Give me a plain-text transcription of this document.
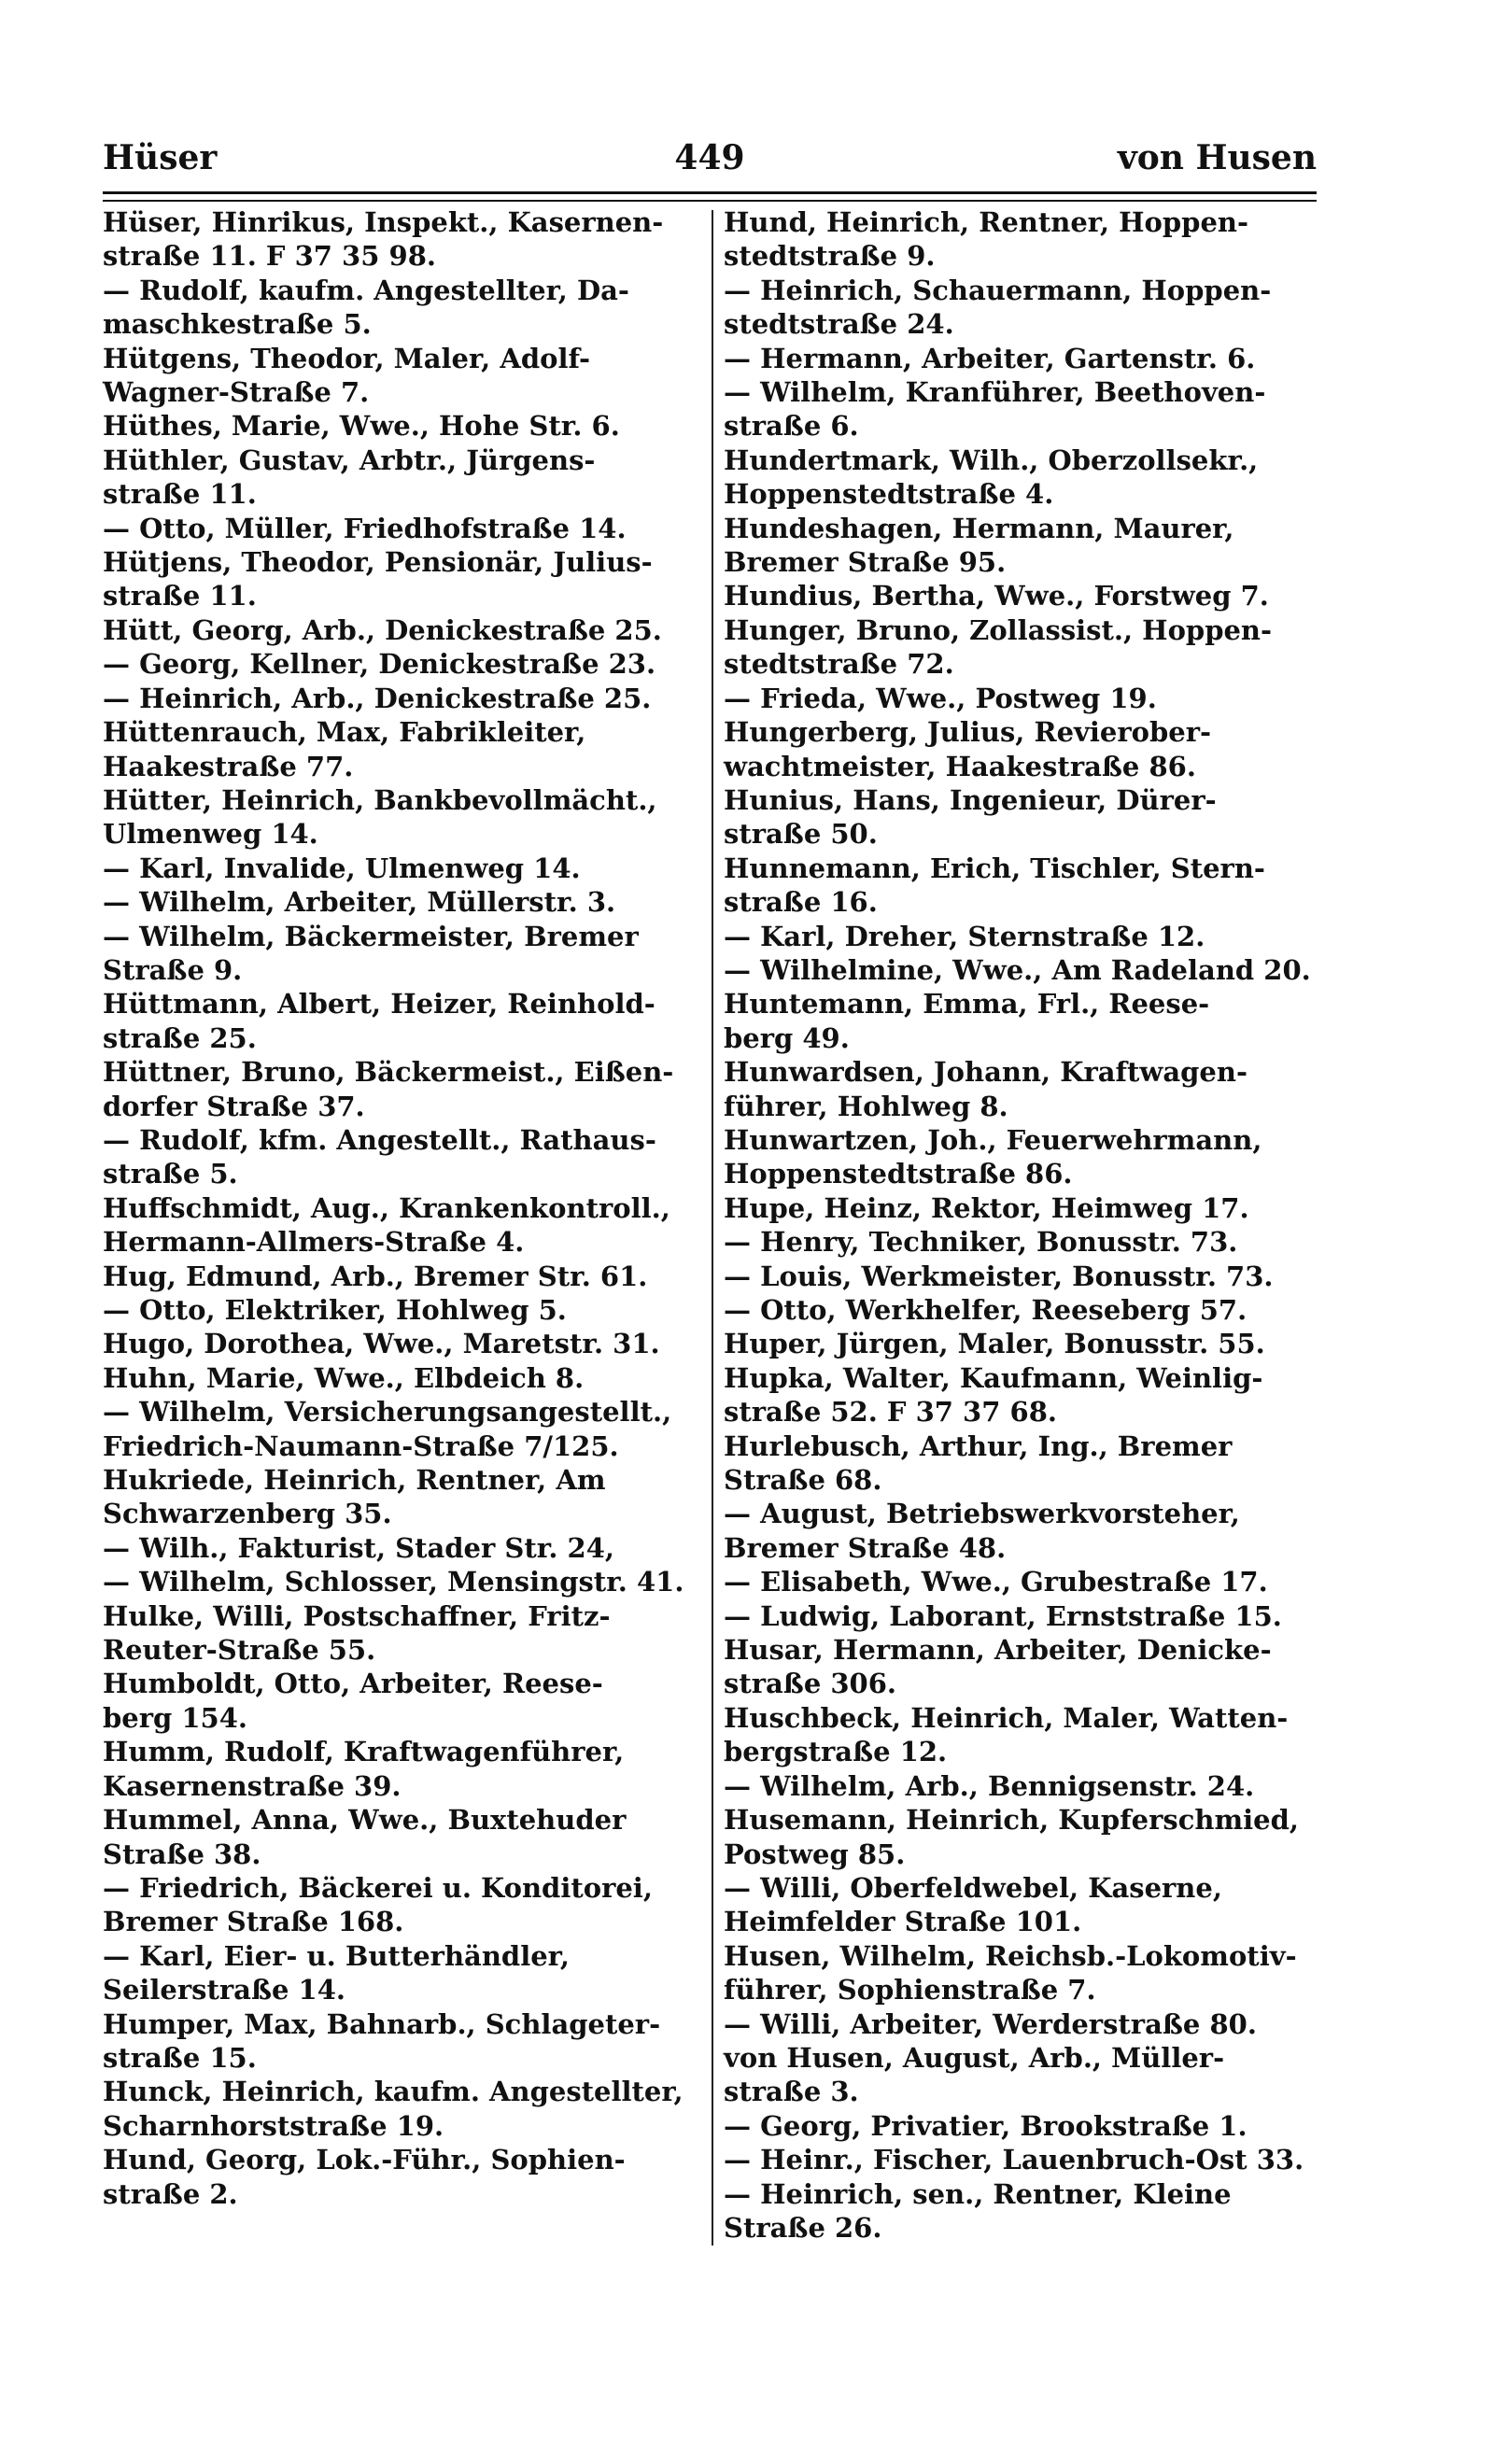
Hüser	449	von Husen
Hüser, Hinrikus, Inspekt., Kasernen-
straße 11. F 37 35 98.
— Rudolf, kaufm. Angestellter, Da-
maschkestraße 5.
Hütgens, Theodor, Maler, Adolf-
Wagner-Straße 7.
Hüthes, Marie, Wwe., Hohe Str. 6.
Hüthler, Gustav, Arbtr., Jürgens-
straße 11.
— Otto, Müller, Friedhofstraße 14.
Hütjens, Theodor, Pensionär, Julius-
straße 11.
Hütt, Georg, Arb., Denickestraße 25.
— Georg, Kellner, Denickestraße 23.
— Heinrich, Arb., Denickestraße 25.
Hüttenrauch, Max, Fabrikleiter,
Haakestraße 77.
Hütter, Heinrich, Bankbevollmächt.,
Ulmenweg 14.
— Karl, Invalide, Ulmenweg 14.
— Wilhelm, Arbeiter, Müllerstr. 3.
— Wilhelm, Bäckermeister, Bremer
Straße 9.
Hüttmann, Albert, Heizer, Reinhold-
straße 25.
Hüttner, Bruno, Bäckermeist., Eißen-
dorfer Straße 37.
— Rudolf, kfm. Angestellt., Rathaus-
straße 5.
Huffschmidt, Aug., Krankenkontroll.,
Hermann-Allmers-Straße 4.
Hug, Edmund, Arb., Bremer Str. 61.
— Otto, Elektriker, Hohlweg 5.
Hugo, Dorothea, Wwe., Maretstr. 31.
Huhn, Marie, Wwe., Elbdeich 8.
— Wilhelm, Versicherungsangestellt.,
Friedrich-Naumann-Straße 7/125.
Hukriede, Heinrich, Rentner, Am
Schwarzenberg 35.
— Wilh., Fakturist, Stader Str. 24,
— Wilhelm, Schlosser, Mensingstr. 41.
Hulke, Willi, Postschaffner, Fritz-
Reuter-Straße 55.
Humboldt, Otto, Arbeiter, Reese-
berg 154.
Humm, Rudolf, Kraftwagenführer,
Kasernenstraße 39.
Hummel, Anna, Wwe., Buxtehuder
Straße 38.
— Friedrich, Bäckerei u. Konditorei,
Bremer Straße 168.
— Karl, Eier- u. Butterhändler,
Seilerstraße 14.
Humper, Max, Bahnarb., Schlageter-
straße 15.
Hunck, Heinrich, kaufm. Angestellter,
Scharnhorststraße 19.
Hund, Georg, Lok.-Führ., Sophien-
straße 2.
Hund, Heinrich, Rentner, Hoppen-
stedtstraße 9.
— Heinrich, Schauermann, Hoppen-
stedtstraße 24.
— Hermann, Arbeiter, Gartenstr. 6.
— Wilhelm, Kranführer, Beethoven-
straße 6.
Hundertmark, Wilh., Oberzollsekr.,
Hoppenstedtstraße 4.
Hundeshagen, Hermann, Maurer,
Bremer Straße 95.
Hundius, Bertha, Wwe., Forstweg 7.
Hunger, Bruno, Zollassist., Hoppen-
stedtstraße 72.
— Frieda, Wwe., Postweg 19.
Hungerberg, Julius, Revierober-
wachtmeister, Haakestraße 86.
Hunius, Hans, Ingenieur, Dürer-
straße 50.
Hunnemann, Erich, Tischler, Stern-
straße 16.
— Karl, Dreher, Sternstraße 12.
— Wilhelmine, Wwe., Am Radeland 20.
Huntemann, Emma, Frl., Reese-
berg 49.
Hunwardsen, Johann, Kraftwagen-
führer, Hohlweg 8.
Hunwartzen, Joh., Feuerwehrmann,
Hoppenstedtstraße 86.
Hupe, Heinz, Rektor, Heimweg 17.
— Henry, Techniker, Bonusstr. 73.
— Louis, Werkmeister, Bonusstr. 73.
— Otto, Werkhelfer, Reeseberg 57.
Huper, Jürgen, Maler, Bonusstr. 55.
Hupka, Walter, Kaufmann, Weinlig-
straße 52. F 37 37 68.
Hurlebusch, Arthur, Ing., Bremer
Straße 68.
— August, Betriebswerkvorsteher,
Bremer Straße 48.
— Elisabeth, Wwe., Grubestraße 17.
— Ludwig, Laborant, Ernststraße 15.
Husar, Hermann, Arbeiter, Denicke-
straße 306.
Huschbeck, Heinrich, Maler, Watten-
bergstraße 12.
— Wilhelm, Arb., Bennigsenstr. 24.
Husemann, Heinrich, Kupferschmied,
Postweg 85.
— Willi, Oberfeldwebel, Kaserne,
Heimfelder Straße 101.
Husen, Wilhelm, Reichsb.-Lokomotiv-
führer, Sophienstraße 7.
— Willi, Arbeiter, Werderstraße 80.
von Husen, August, Arb., Müller-
straße 3.
— Georg, Privatier, Brookstraße 1.
— Heinr., Fischer, Lauenbruch-Ost 33.
— Heinrich, sen., Rentner, Kleine
Straße 26.
